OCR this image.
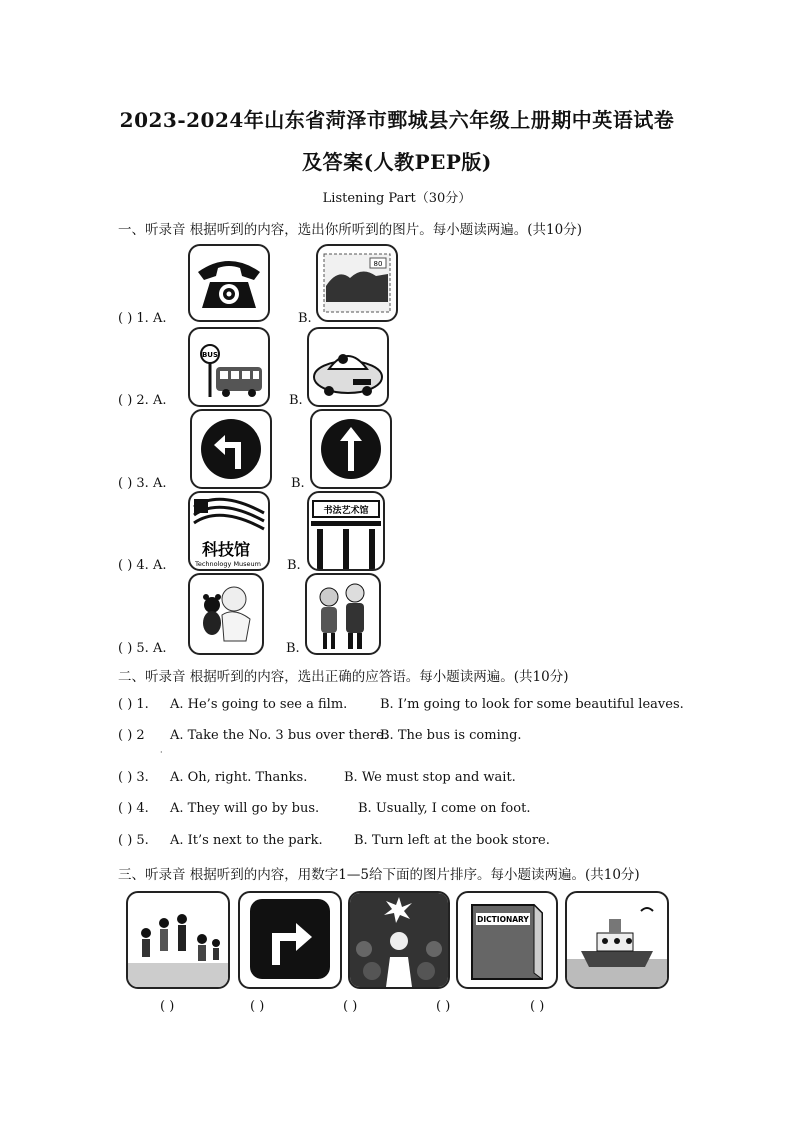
2023-2024年山东省菏泽市鄄城县六年级上册期中英语试卷
及答案(人教PEP版)
Listening Part（30分）
一、听录音 根据听到的内容，选出你所听到的图片。每小题读两遍。(共10分)
( ) 1. A.	B.
80
( ) 2. A.	B.
BUS
( ) 3. A.	B.
( ) 4. A.	B.
科技馆
Technology Museum
书法艺术馆
( ) 5. A.	B.
二、听录音 根据听到的内容，选出正确的应答语。每小题读两遍。(共10分)
( ) 1. A. He’s going to see a film.	B. I’m going to look for some beautiful leaves.
( ) 2 A. Take the No. 3 bus over there.
B. The bus is coming.
·
( ) 3. A. Oh, right. Thanks.	B. We must stop and wait.
( ) 4. A. They will go by bus.	B. Usually, I come on foot.
( ) 5. A. It’s next to the park. B. Turn left at the book store.
三、听录音 根据听到的内容，用数字1—5给下面的图片排序。每小题读两遍。(共10分)
DICTIONARY
( )	( )	( )	( )	( )
